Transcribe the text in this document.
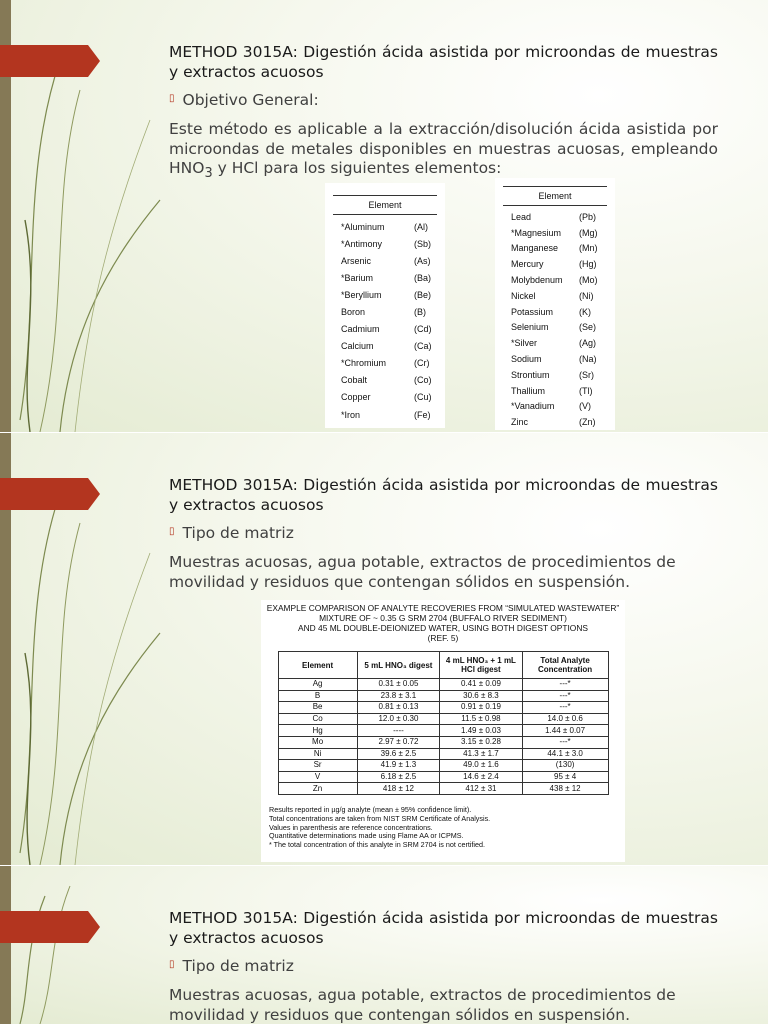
METHOD 3015A: Digestión ácida asistida por microondas de muestras y extractos acuosos
▯ Objetivo General:
Este método es aplicable a la extracción/disolución ácida asistida por microondas de metales disponibles en muestras acuosas, empleando $HNO_3$ y HCl para los siguientes elementos:
Element
*Aluminum	(Al)
*Antimony	(Sb)
Arsenic	(As)
*Barium	(Ba)
*Beryllium	(Be)
Boron	(B)
Cadmium	(Cd)
Calcium	(Ca)
*Chromium	(Cr)
Cobalt	(Co)
Copper	(Cu)
*Iron	(Fe)
Element
Lead	(Pb)
*Magnesium	(Mg)
Manganese	(Mn)
Mercury	(Hg)
Molybdenum	(Mo)
Nickel	(Ni)
Potassium	(K)
Selenium	(Se)
*Silver	(Ag)
Sodium	(Na)
Strontium	(Sr)
Thallium	(Tl)
*Vanadium	(V)
Zinc	(Zn)
METHOD 3015A: Digestión ácida asistida por microondas de muestras y extractos acuosos
▯ Tipo de matriz
Muestras acuosas, agua potable, extractos de procedimientos de movilidad y residuos que contengan sólidos en suspensión.
EXAMPLE COMPARISON OF ANALYTE RECOVERIES FROM “SIMULATED WASTEWATER”
MIXTURE OF ~ 0.35 G SRM 2704 (BUFFALO RIVER SEDIMENT)
AND 45 ML DOUBLE-DEIONIZED WATER, USING BOTH DIGEST OPTIONS
(REF. 5)
Element	5 mL HNO₃ digest	4 mL HNO₃ + 1 mL HCl digest	Total Analyte Concentration
Ag	0.31 ± 0.05	0.41 ± 0.09	---*
B	23.8 ± 3.1	30.6 ± 8.3	---*
Be	0.81 ± 0.13	0.91 ± 0.19	---*
Co	12.0 ± 0.30	11.5 ± 0.98	14.0 ± 0.6
Hg	----	1.49 ± 0.03	1.44 ± 0.07
Mo	2.97 ± 0.72	3.15 ± 0.28	---*
Ni	39.6 ± 2.5	41.3 ± 1.7	44.1 ± 3.0
Sr	41.9 ± 1.3	49.0 ± 1.6	(130)
V	6.18 ± 2.5	14.6 ± 2.4	95 ± 4
Zn	418 ± 12	412 ± 31	438 ± 12
Results reported in µg/g analyte (mean ± 95% confidence limit).
Total concentrations are taken from NIST SRM Certificate of Analysis.
Values in parenthesis are reference concentrations.
Quantitative determinations made using Flame AA or ICPMS.
* The total concentration of this analyte in SRM 2704 is not certified.
METHOD 3015A: Digestión ácida asistida por microondas de muestras y extractos acuosos
▯ Tipo de matriz
Muestras acuosas, agua potable, extractos de procedimientos de movilidad y residuos que contengan sólidos en suspensión.
